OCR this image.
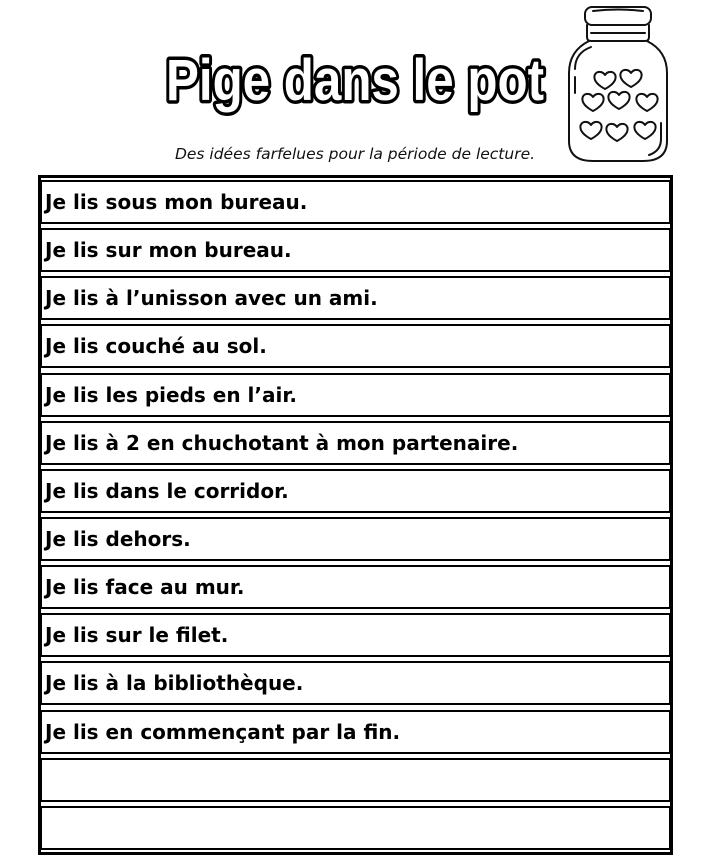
Pige dans le pot
Des idées farfelues pour la période de lecture.
Je lis sous mon bureau.
Je lis sur mon bureau.
Je lis à l’unisson avec un ami.
Je lis couché au sol.
Je lis les pieds en l’air.
Je lis à 2 en chuchotant à mon partenaire.
Je lis dans le corridor.
Je lis dehors.
Je lis face au mur.
Je lis sur le filet.
Je lis à la bibliothèque.
Je lis en commençant par la fin.
